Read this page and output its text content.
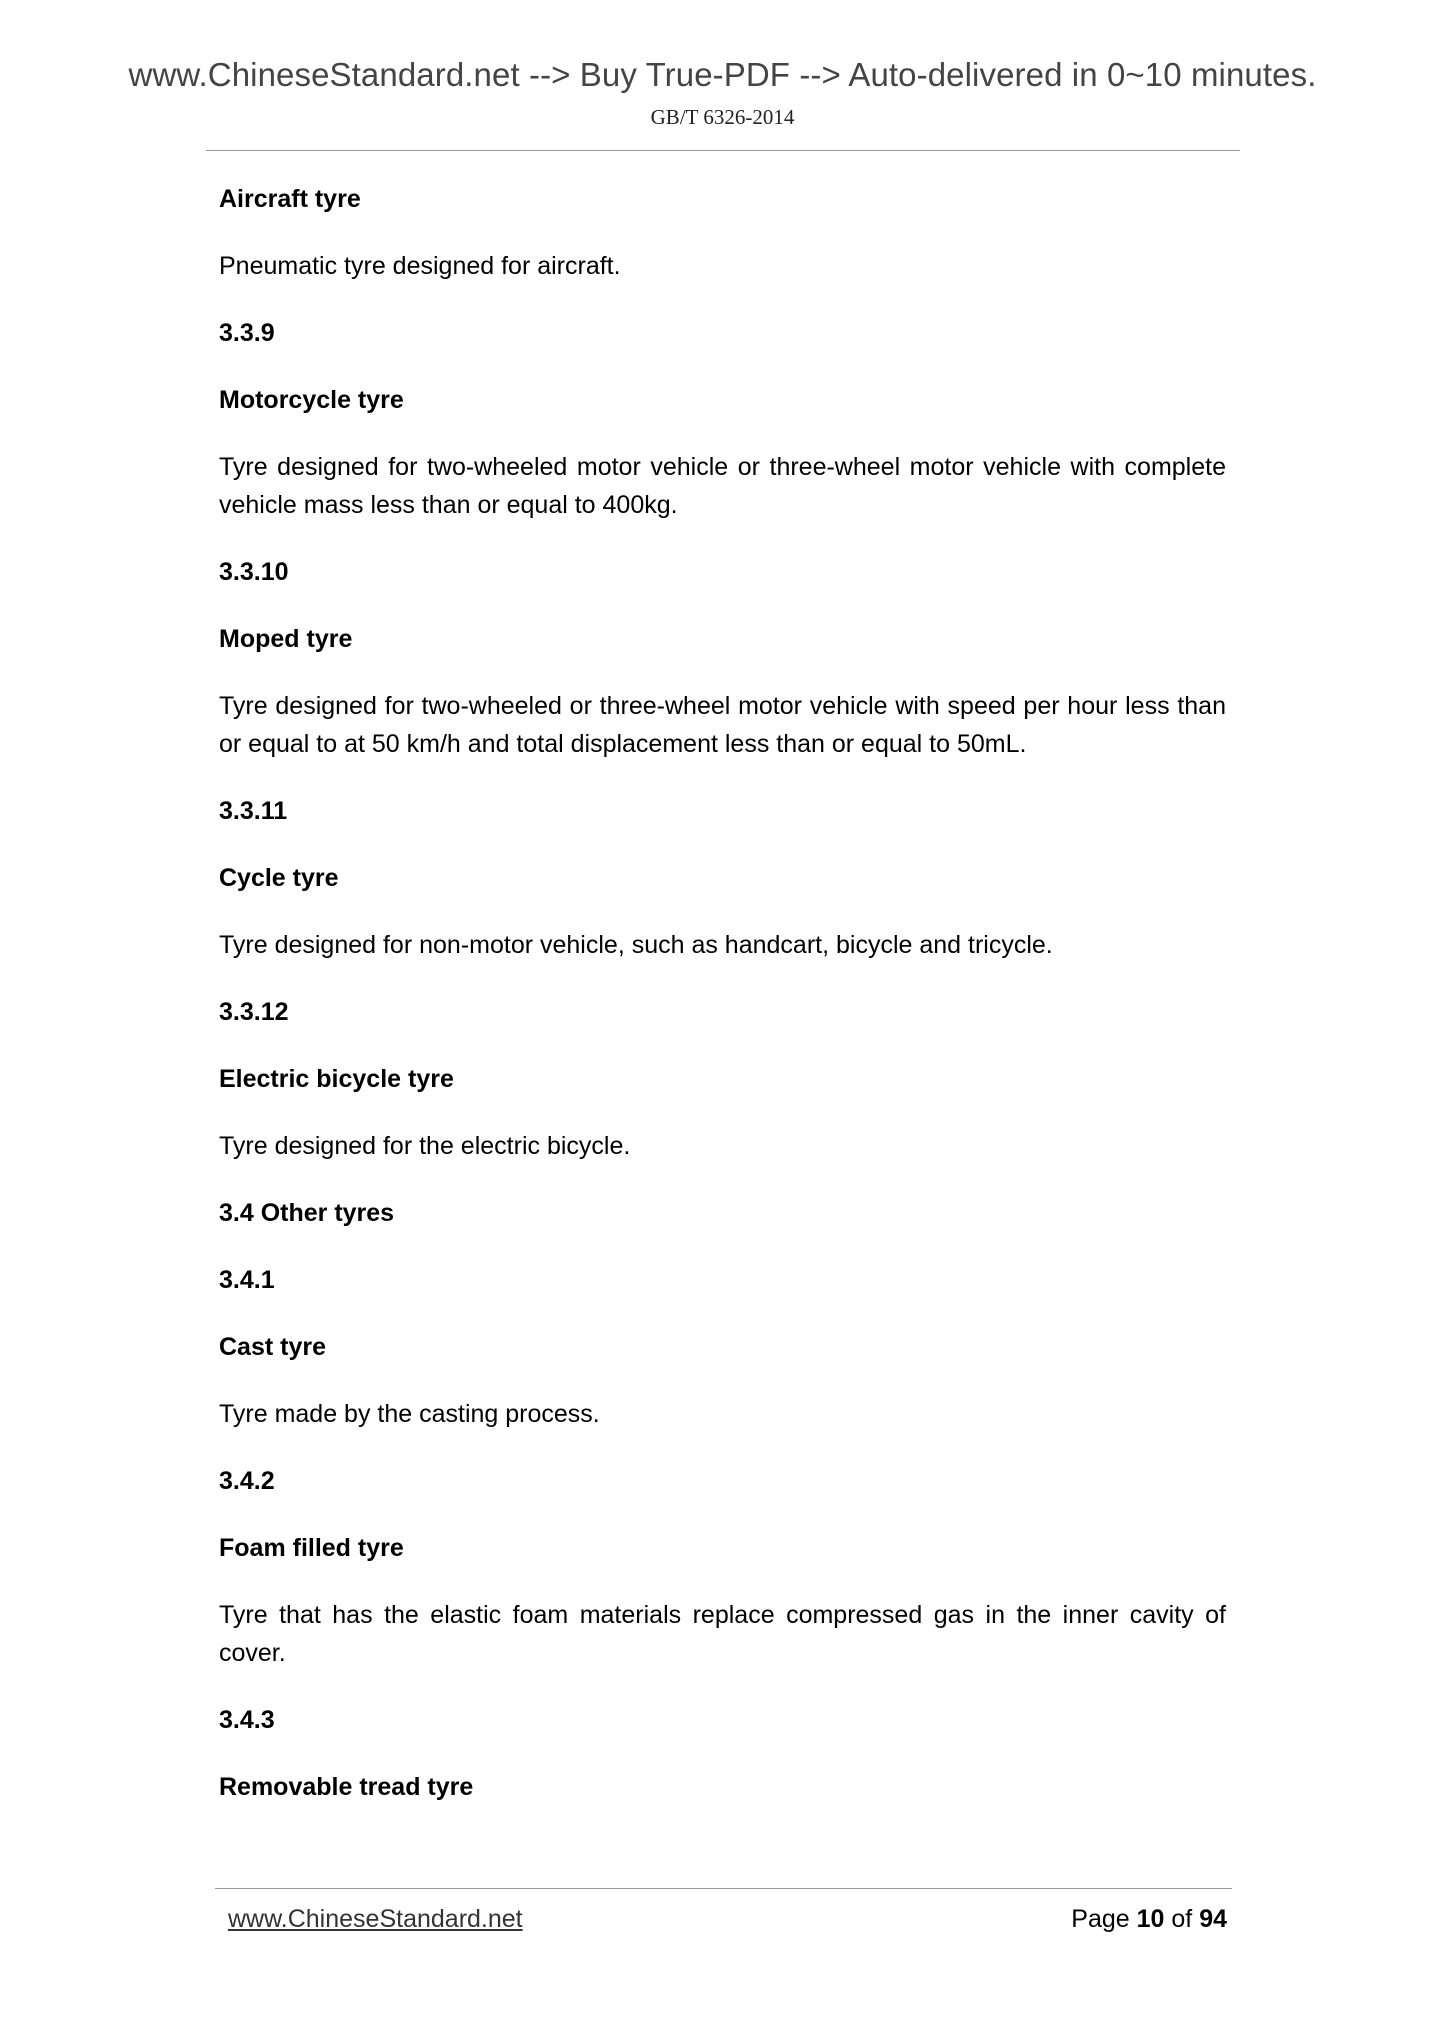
www.ChineseStandard.net --> Buy True-PDF --> Auto-delivered in 0~10 minutes.
GB/T 6326-2014

Aircraft tyre

Pneumatic tyre designed for aircraft.

3.3.9

Motorcycle tyre

Tyre designed for two-wheeled motor vehicle or three-wheel motor vehicle with complete vehicle mass less than or equal to 400kg.

3.3.10

Moped tyre

Tyre designed for two-wheeled or three-wheel motor vehicle with speed per hour less than or equal to at 50 km/h and total displacement less than or equal to 50mL.

3.3.11

Cycle tyre

Tyre designed for non-motor vehicle, such as handcart, bicycle and tricycle.

3.3.12

Electric bicycle tyre

Tyre designed for the electric bicycle.

3.4 Other tyres

3.4.1

Cast tyre

Tyre made by the casting process.

3.4.2

Foam filled tyre

Tyre that has the elastic foam materials replace compressed gas in the inner cavity of cover.

3.4.3

Removable tread tyre

www.ChineseStandard.net	Page 10 of 94
